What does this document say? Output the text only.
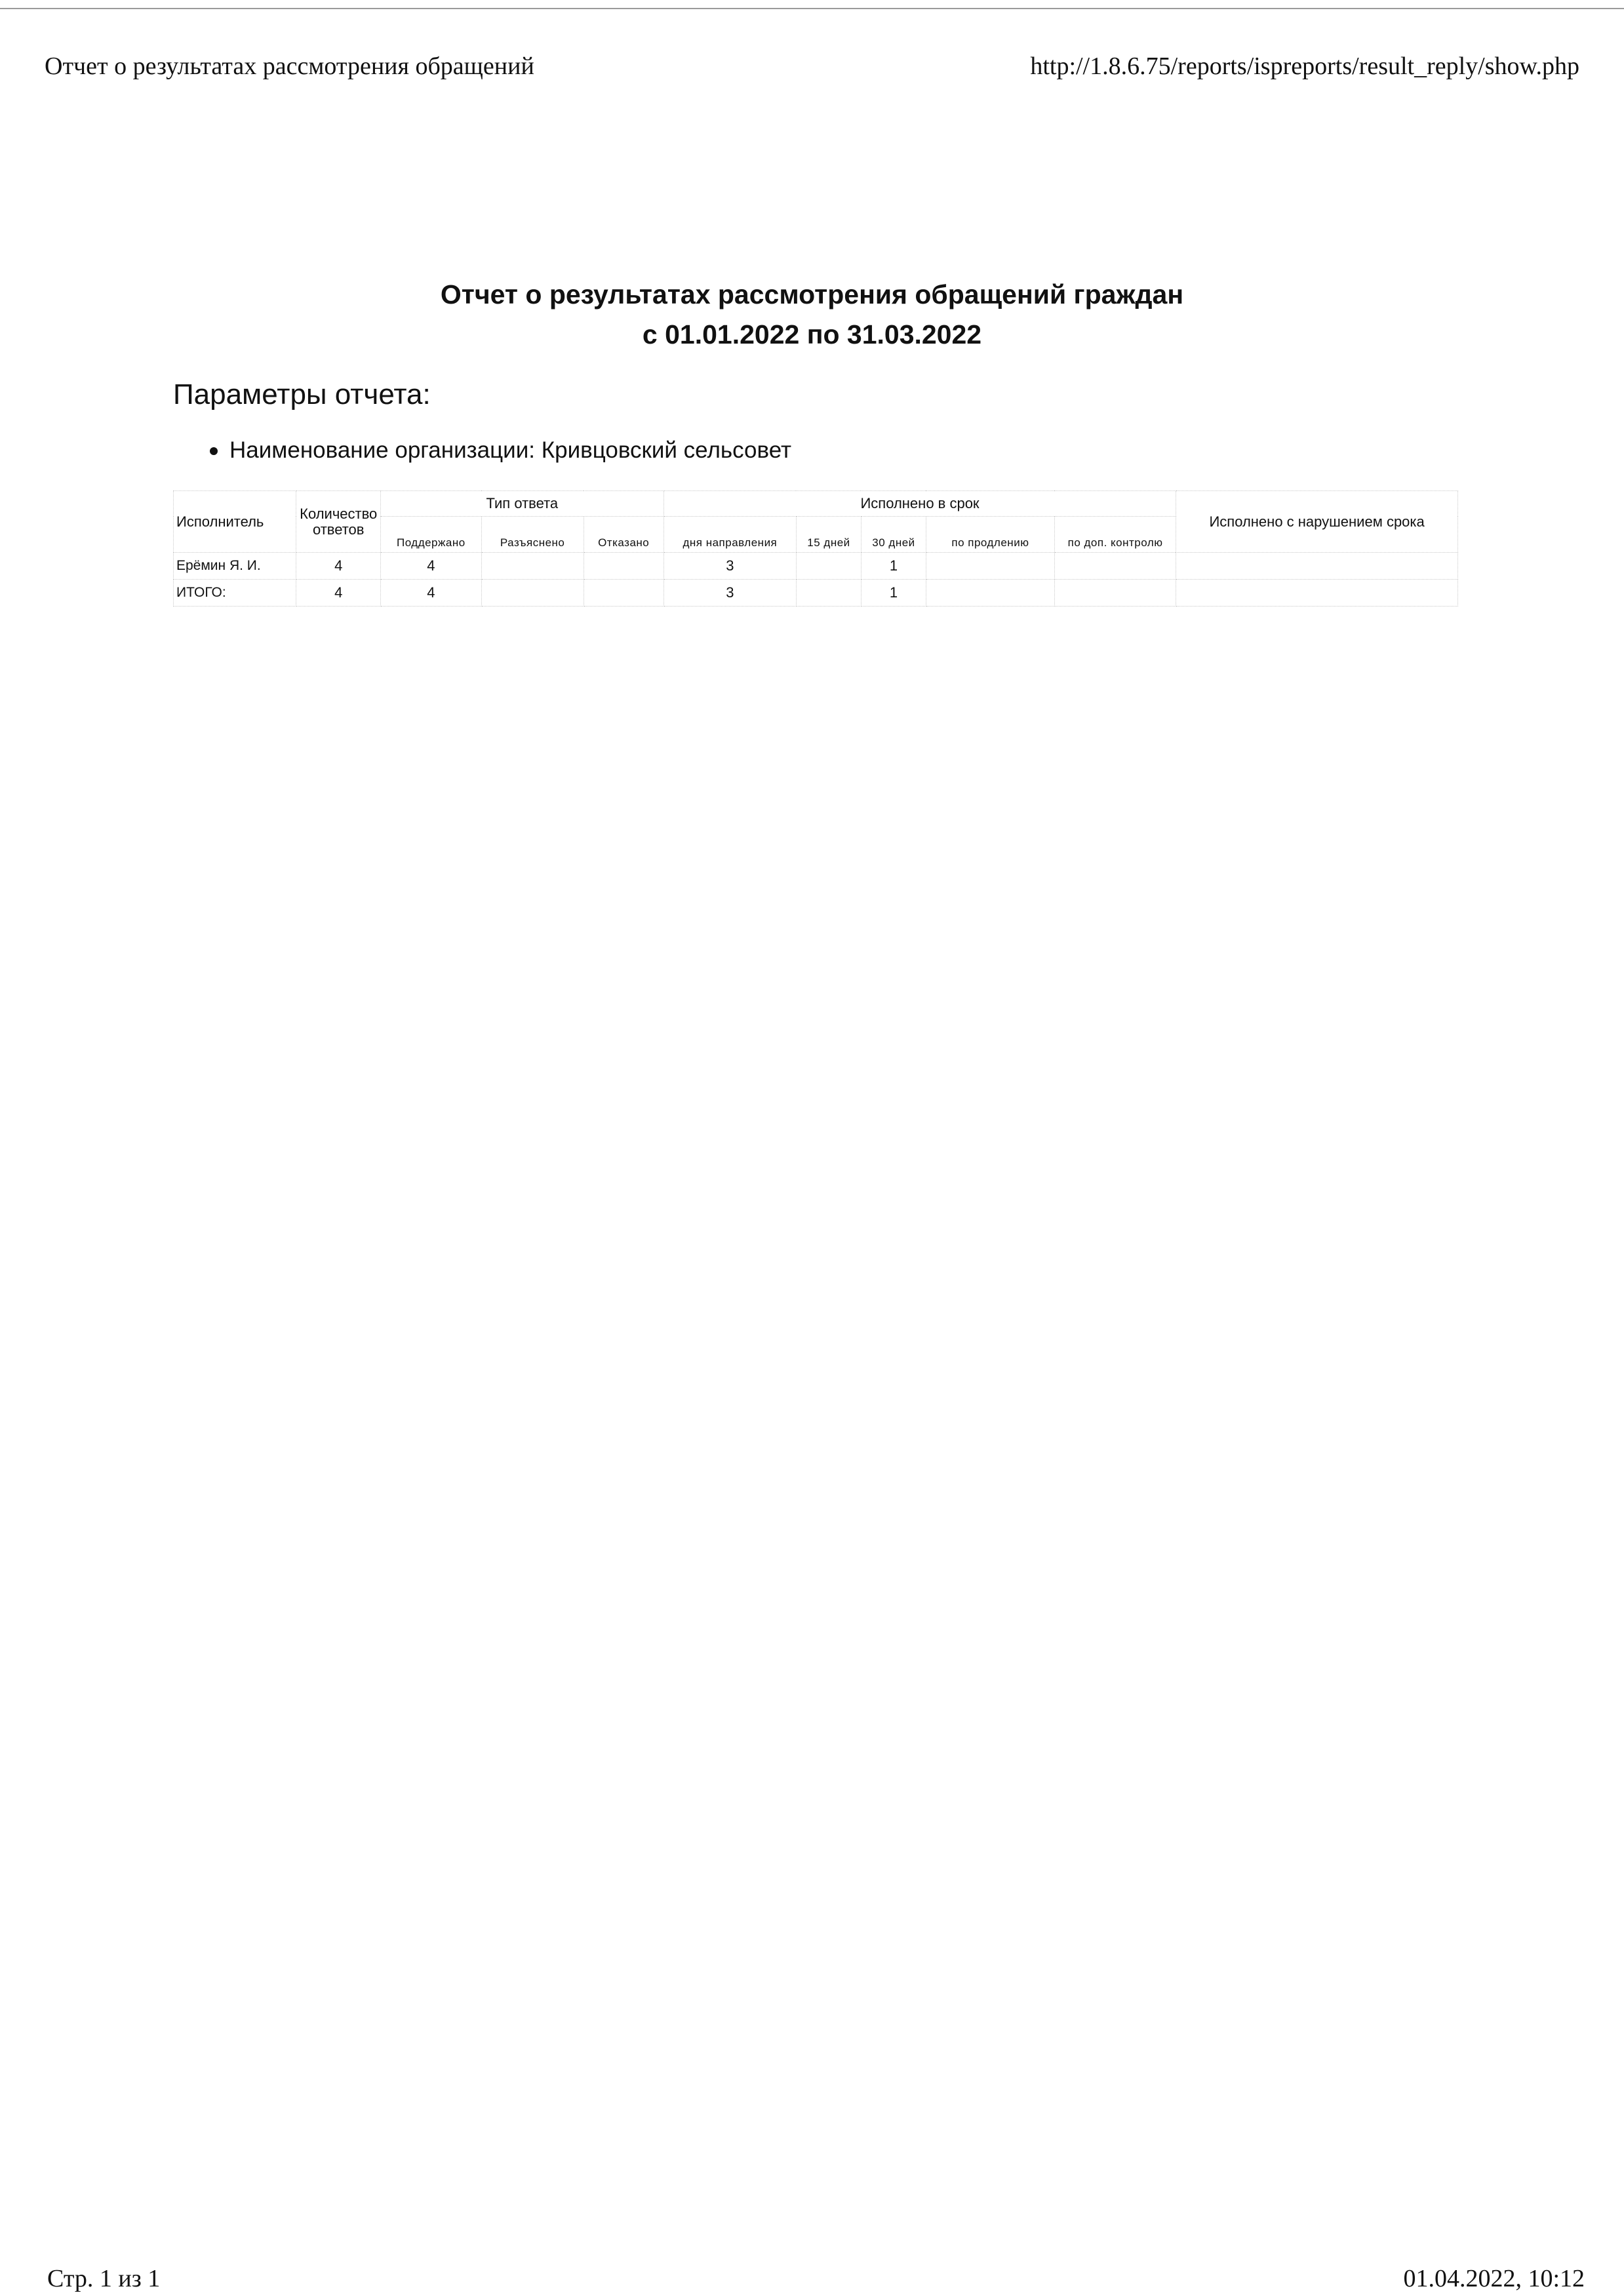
Отчет о результатах рассмотрения обращений	http://1.8.6.75/reports/ispreports/result_reply/show.php
Отчет о результатах рассмотрения обращений граждан
с 01.01.2022 по 31.03.2022
Параметры отчета:
Наименование организации: Кривцовский сельсовет
Исполнитель	Количество ответов	Тип ответа			Исполнено в срок					Исполнено с нарушением срока
		Поддержано	Разъяснено	Отказано	дня направления	15 дней	30 дней	по продлению	по доп. контролю	
Ерёмин Я. И.	4	4			3		1			
ИТОГО:	4	4			3		1			
Стр. 1 из 1	01.04.2022, 10:12
